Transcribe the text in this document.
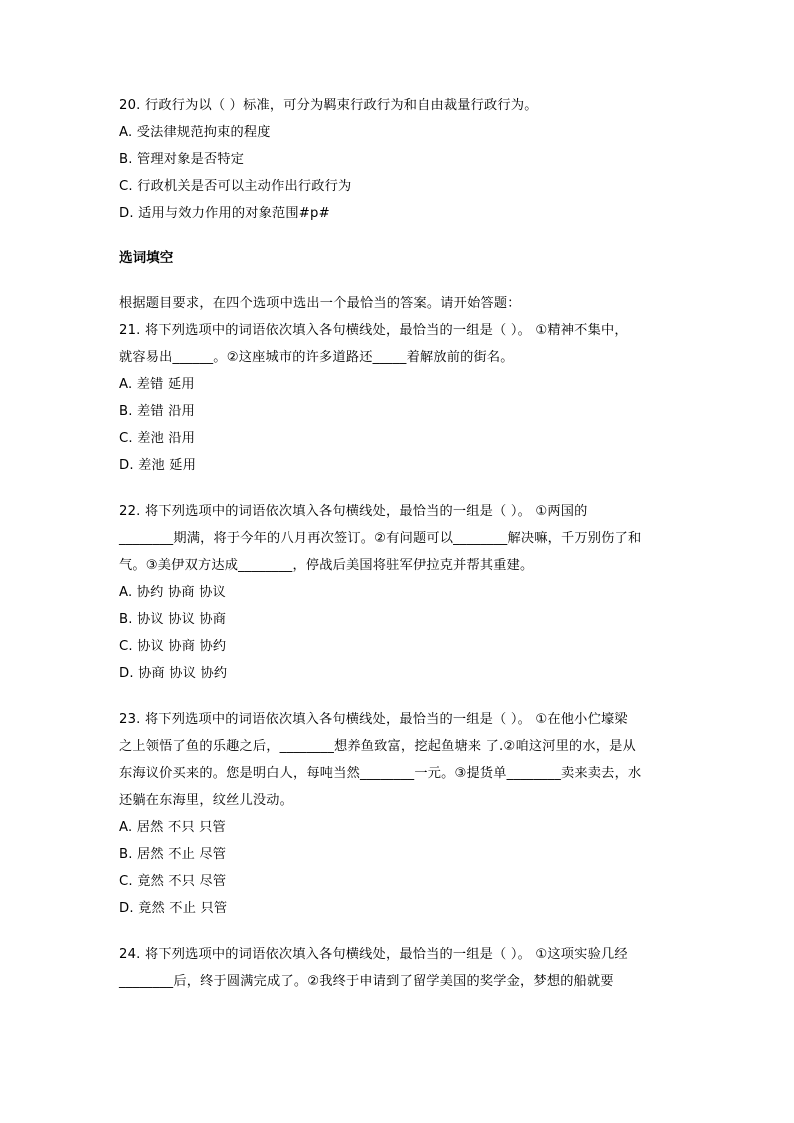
20. 行政行为以（ ）标准，可分为羁束行政行为和自由裁量行政行为。
A. 受法律规范拘束的程度
B. 管理对象是否特定
C. 行政机关是否可以主动作出行政行为
D. 适用与效力作用的对象范围#p#
选词填空
根据题目要求，在四个选项中选出一个最恰当的答案。请开始答题：
21. 将下列选项中的词语依次填入各句横线处，最恰当的一组是（ ）。 ①精神不集中，
就容易出______。②这座城市的许多道路还_____着解放前的街名。
A. 差错 延用
B. 差错 沿用
C. 差池 沿用
D. 差池 延用
22. 将下列选项中的词语依次填入各句横线处，最恰当的一组是（ ）。 ①两国的
________期满，将于今年的八月再次签订。②有问题可以________解决嘛，千万别伤了和
气。③美伊双方达成________，停战后美国将驻军伊拉克并帮其重建。
A. 协约 协商 协议
B. 协议 协议 协商
C. 协议 协商 协约
D. 协商 协议 协约
23. 将下列选项中的词语依次填入各句横线处，最恰当的一组是（ ）。 ①在他小伫壕梁
之上领悟了鱼的乐趣之后，________想养鱼致富，挖起鱼塘来 了.②咱这河里的水，是从
东海议价买来的。您是明白人，每吨当然________一元。③提货单________卖来卖去，水
还躺在东海里，纹丝儿没动。
A. 居然 不只 只管
B. 居然 不止 尽管
C. 竟然 不只 尽管
D. 竟然 不止 只管
24. 将下列选项中的词语依次填入各句横线处，最恰当的一组是（ ）。 ①这项实验几经
________后，终于圆满完成了。②我终于申请到了留学美国的奖学金，梦想的船就要
